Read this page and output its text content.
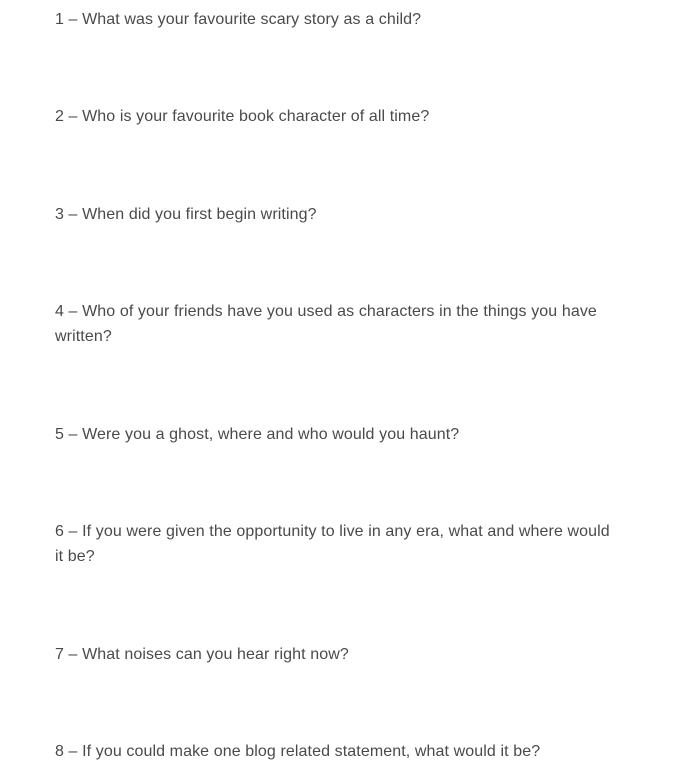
1 – What was your favourite scary story as a child?

2 – Who is your favourite book character of all time?

3 – When did you first begin writing?

4 – Who of your friends have you used as characters in the things you have written?

5 – Were you a ghost, where and who would you haunt?

6 – If you were given the opportunity to live in any era, what and where would it be?

7 – What noises can you hear right now?

8 – If you could make one blog related statement, what would it be?
